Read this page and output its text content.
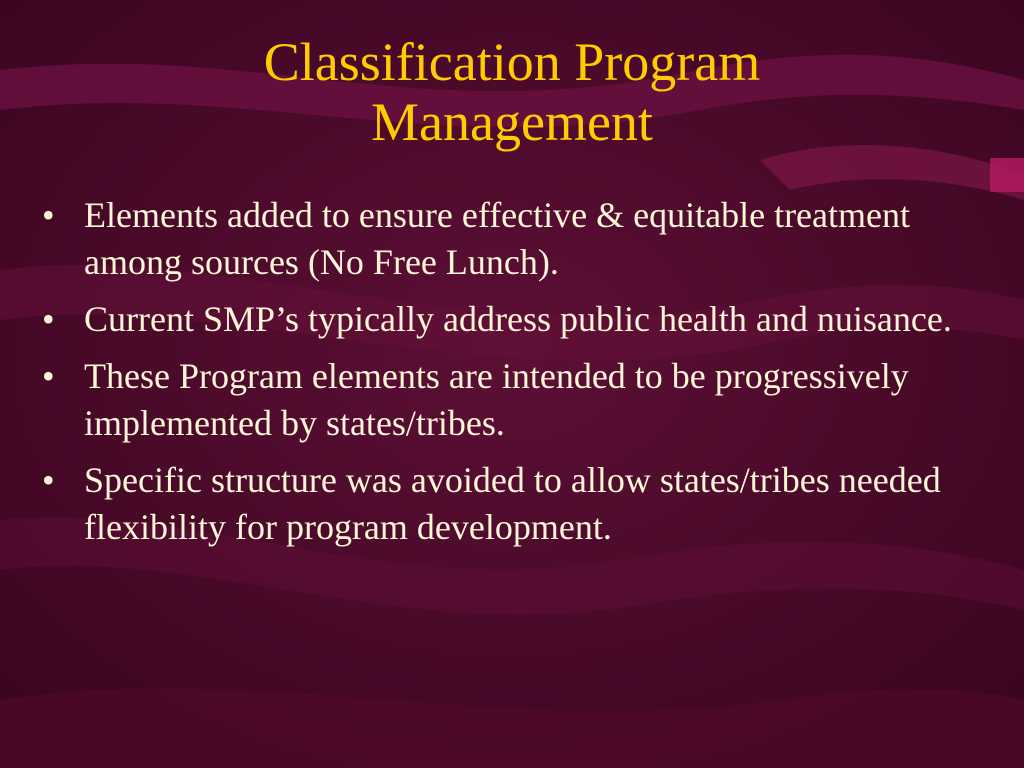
Classification Program
Management
• Elements added to ensure effective & equitable treatment among sources (No Free Lunch).
• Current SMP’s typically address public health and nuisance.
• These Program elements are intended to be progressively implemented by states/tribes.
• Specific structure was avoided to allow states/tribes needed flexibility for program development.
